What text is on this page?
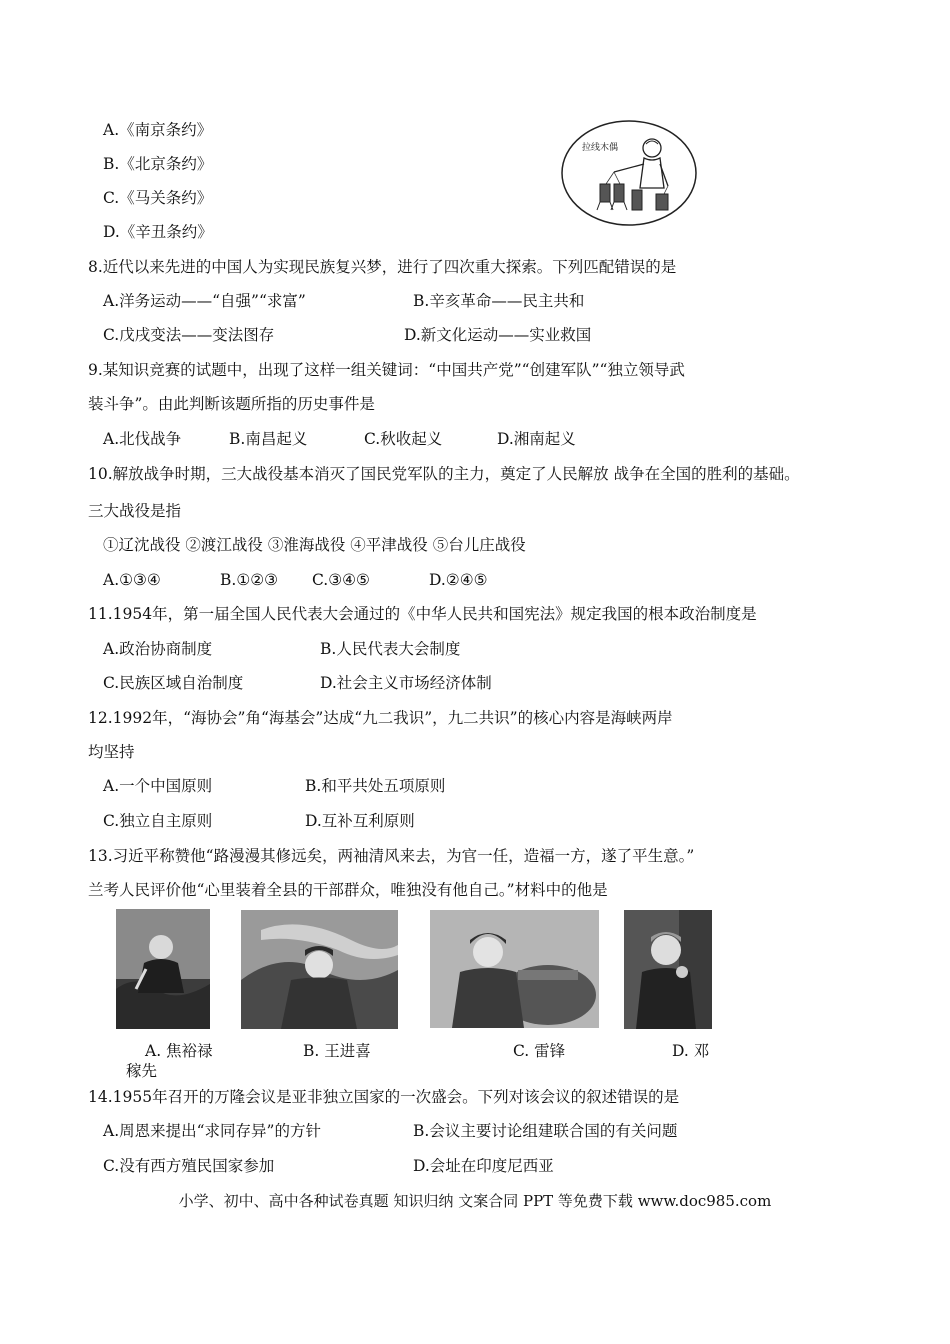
A.《南京条约》
B.《北京条约》
C.《马关条约》
D.《辛丑条约》
拉线木偶
8.近代以来先进的中国人为实现民族复兴梦，进行了四次重大探索。下列匹配错误的是
A.洋务运动——“自强”“求富”	B.辛亥革命——民主共和
C.戊戌变法——变法图存	D.新文化运动——实业救国
9.某知识竞赛的试题中，出现了这样一组关键词：“中国共产党”“创建军队”“独立领导武
装斗争”。由此判断该题所指的历史事件是
A.北伐战争	B.南昌起义	C.秋收起义	D.湘南起义
10.解放战争时期，三大战役基本消灭了国民党军队的主力，奠定了人民解放 战争在全国的胜利的基础。
三大战役是指
①辽沈战役 ②渡江战役 ③淮海战役 ④平津战役 ⑤台儿庄战役
A.①③④	B.①②③ C.③④⑤	D.②④⑤
11.1954年，第一届全国人民代表大会通过的《中华人民共和国宪法》规定我国的根本政治制度是
A.政治协商制度	B.人民代表大会制度
C.民族区域自治制度	D.社会主义市场经济体制
12.1992年，“海协会”角“海基会”达成“九二我识”，九二共识”的核心内容是海峡两岸
均坚持
A.一个中国原则	B.和平共处五项原则
C.独立自主原则	D.互补互利原则
13.习近平称赞他“路漫漫其修远矣，两袖清风来去，为官一任，造福一方，遂了平生意。”
兰考人民评价他“心里装着全县的干部群众，唯独没有他自己。”材料中的他是
A. 焦裕禄	B. 王进喜	C. 雷锋	D. 邓
稼先
14.1955年召开的万隆会议是亚非独立国家的一次盛会。下列对该会议的叙述错误的是
A.周恩来提出“求同存异”的方针	B.会议主要讨论组建联合国的有关问题
C.没有西方殖民国家参加	D.会址在印度尼西亚
小学、初中、高中各种试卷真题 知识归纳 文案合同 PPT 等免费下载 www.doc985.com
